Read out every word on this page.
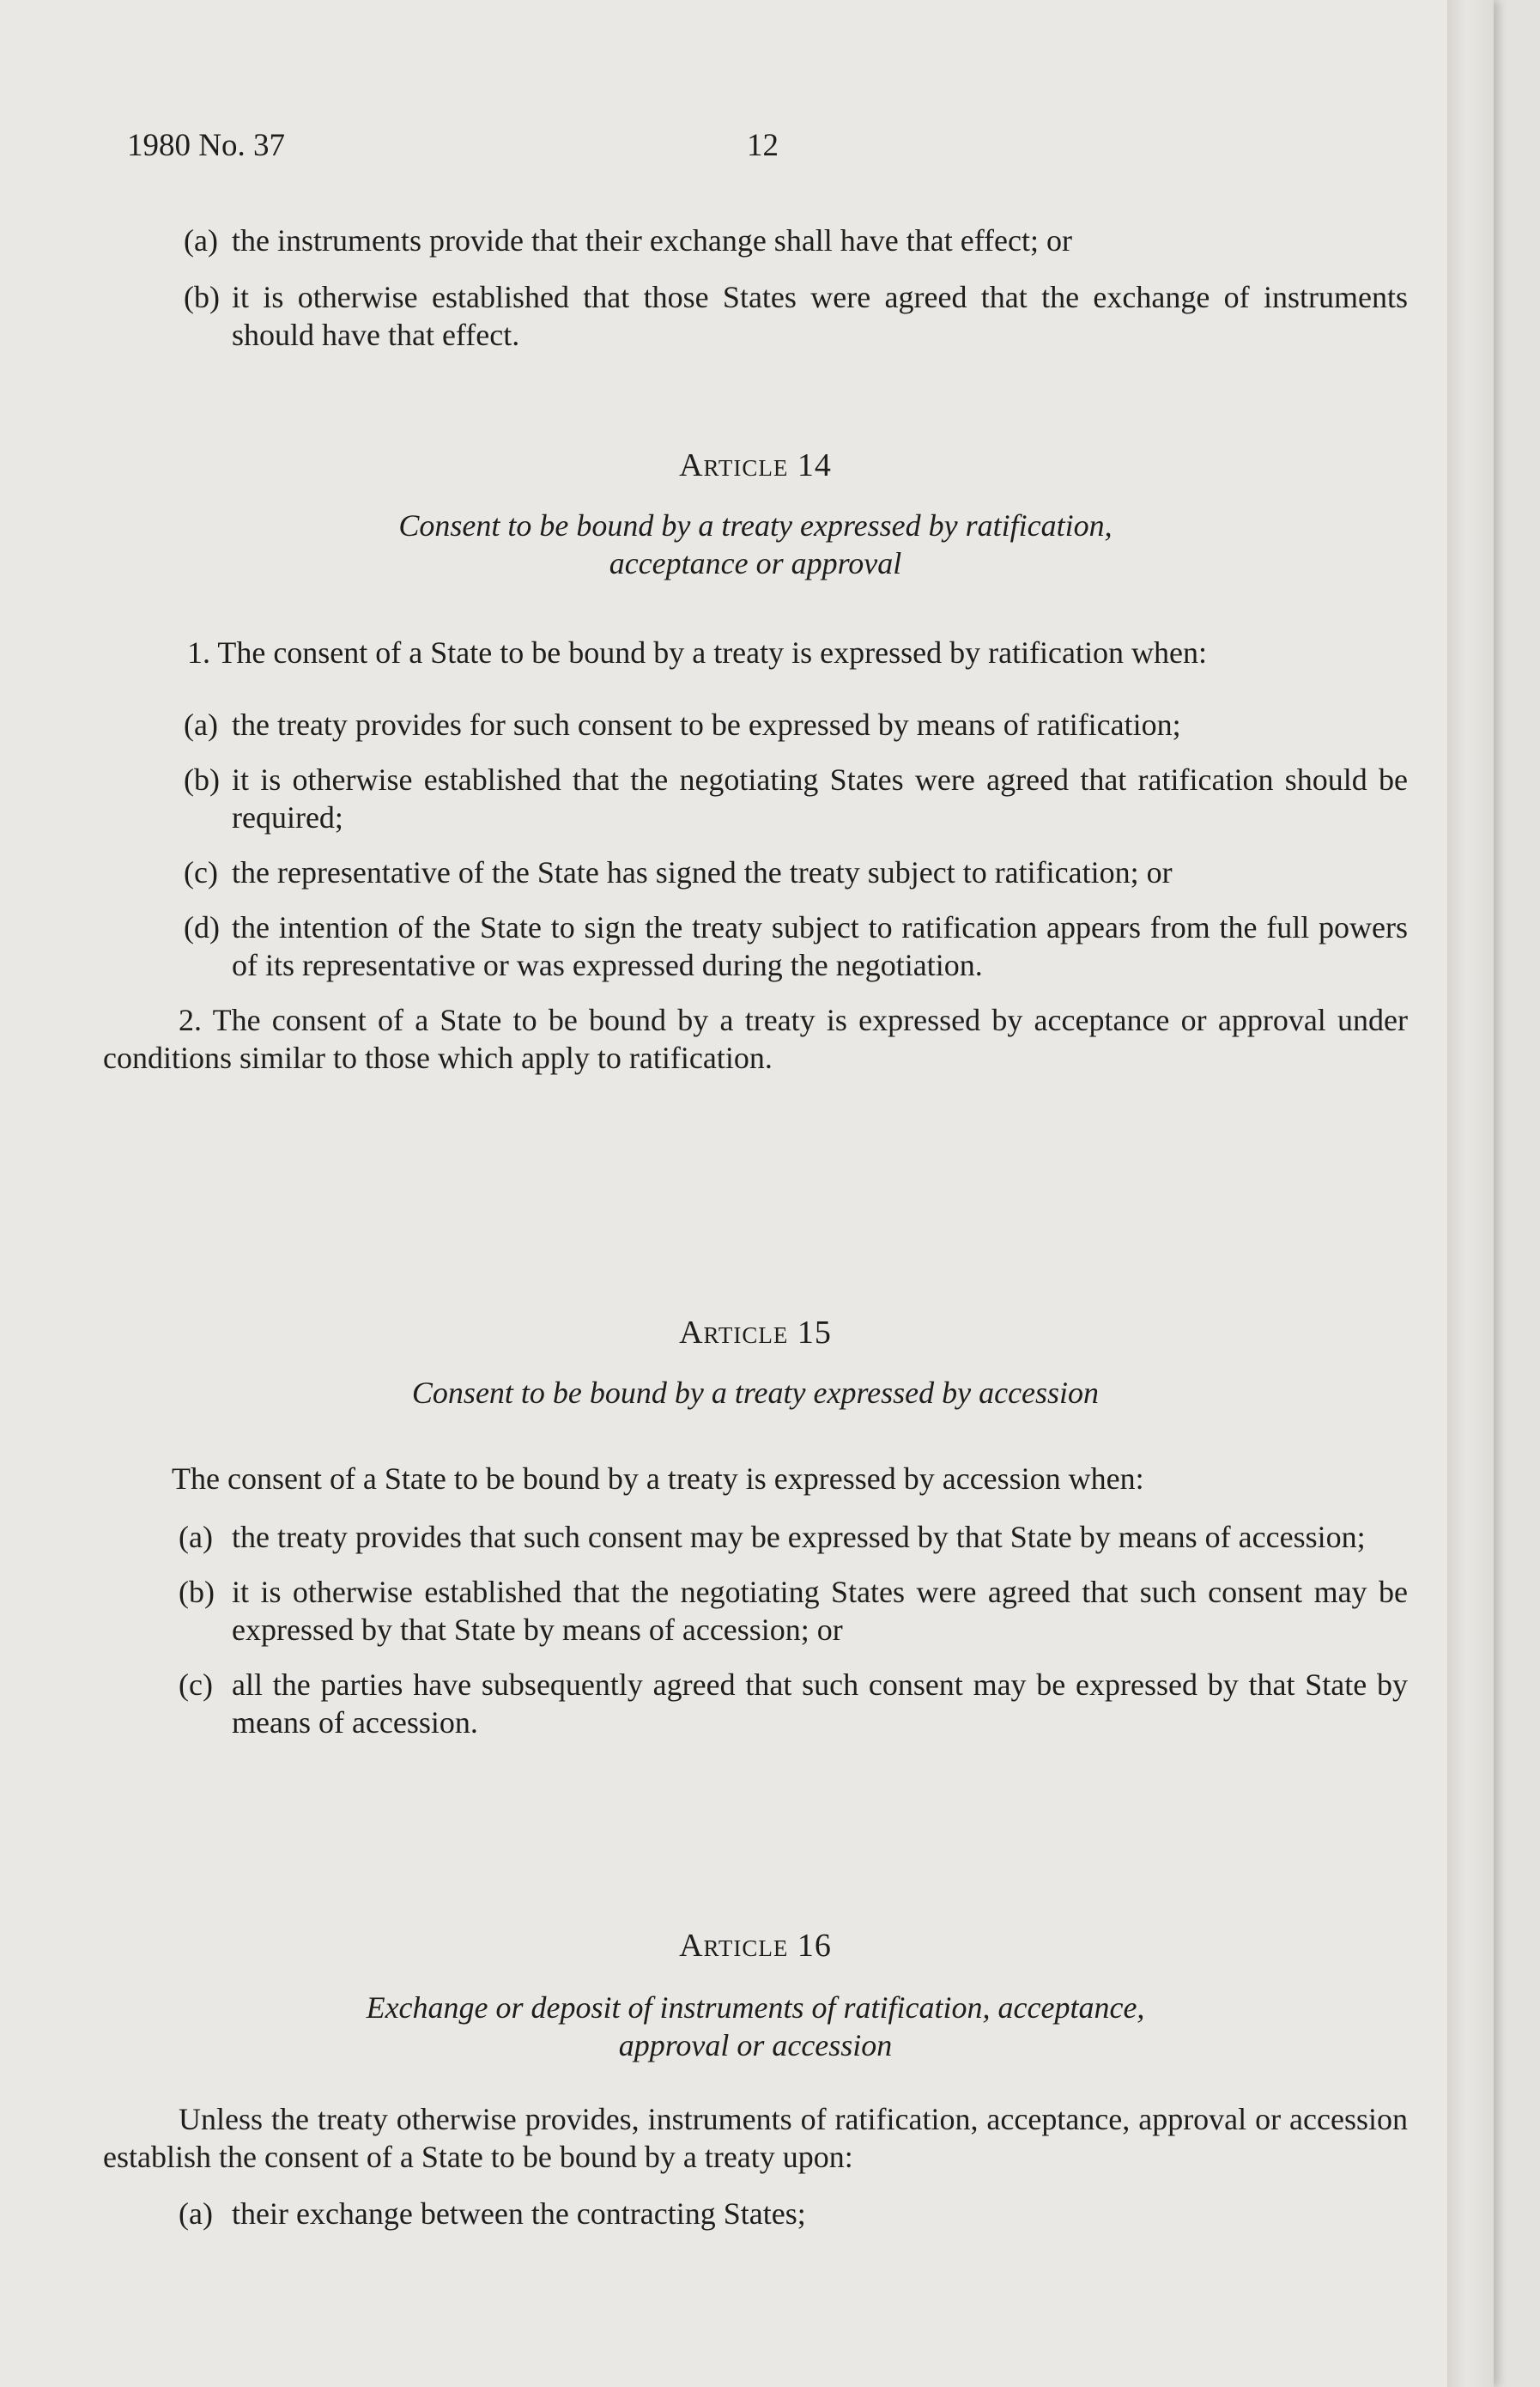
1980 No. 37	12
(a) the instruments provide that their exchange shall have that effect; or
(b) it is otherwise established that those States were agreed that the exchange of instruments should have that effect.
Article 14
Consent to be bound by a treaty expressed by ratification,
acceptance or approval
1. The consent of a State to be bound by a treaty is expressed by ratification when:
(a) the treaty provides for such consent to be expressed by means of ratification;
(b) it is otherwise established that the negotiating States were agreed that ratification should be required;
(c) the representative of the State has signed the treaty subject to ratification; or
(d) the intention of the State to sign the treaty subject to ratification appears from the full powers of its representative or was expressed during the negotiation.
2. The consent of a State to be bound by a treaty is expressed by acceptance or approval under conditions similar to those which apply to ratification.
Article 15
Consent to be bound by a treaty expressed by accession
The consent of a State to be bound by a treaty is expressed by accession when:
(a) the treaty provides that such consent may be expressed by that State by means of accession;
(b) it is otherwise established that the negotiating States were agreed that such consent may be expressed by that State by means of accession; or
(c) all the parties have subsequently agreed that such consent may be expressed by that State by means of accession.
Article 16
Exchange or deposit of instruments of ratification, acceptance,
approval or accession
Unless the treaty otherwise provides, instruments of ratification, acceptance, approval or accession establish the consent of a State to be bound by a treaty upon:
(a) their exchange between the contracting States;
